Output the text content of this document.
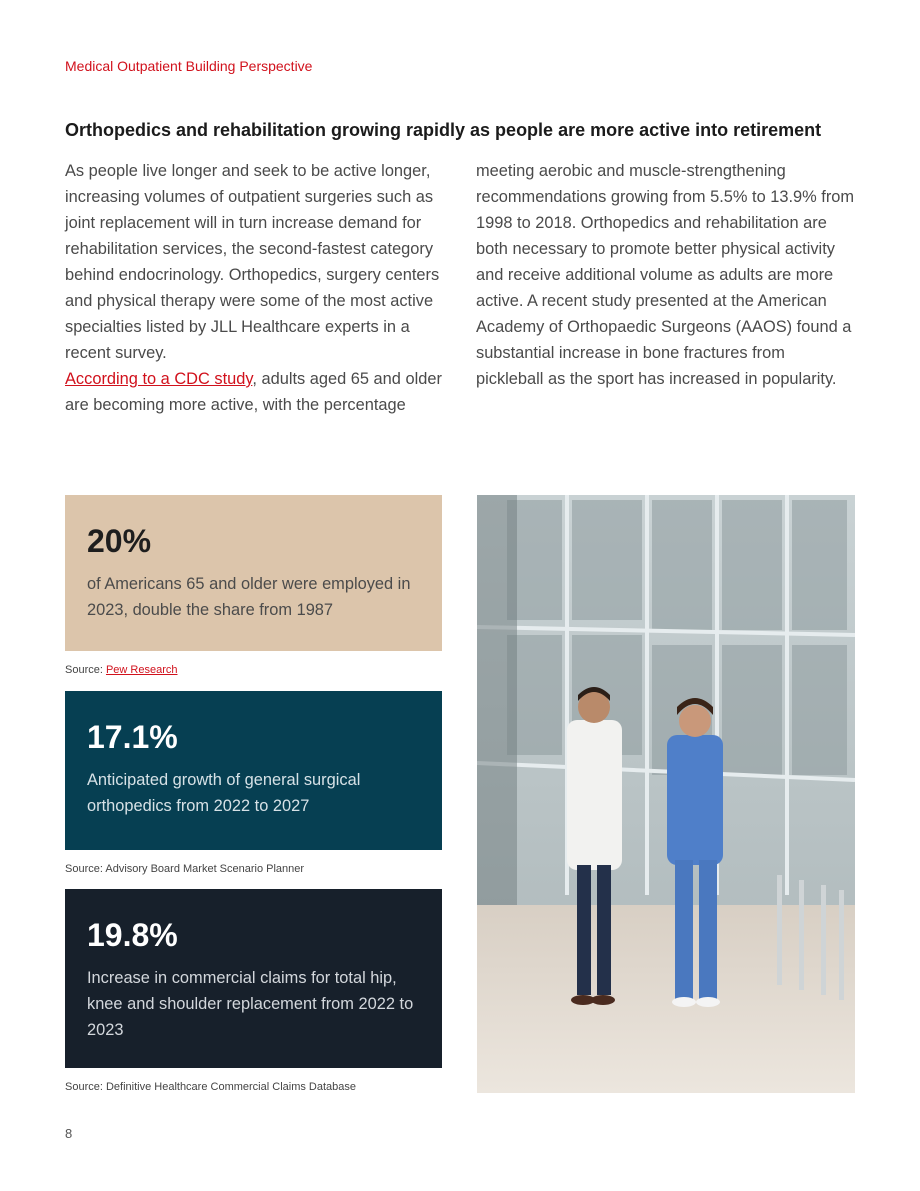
Medical Outpatient Building Perspective
Orthopedics and rehabilitation growing rapidly as people are more active into retirement

As people live longer and seek to be active longer, increasing volumes of outpatient surgeries such as joint replacement will in turn increase demand for rehabilitation services, the second-fastest category behind endocrinology. Orthopedics, surgery centers and physical therapy were some of the most active specialties listed by JLL Healthcare experts in a recent survey.

According to a CDC study, adults aged 65 and older are becoming more active, with the percentage

meeting aerobic and muscle-strengthening recommendations growing from 5.5% to 13.9% from 1998 to 2018. Orthopedics and rehabilitation are both necessary to promote better physical activity and receive additional volume as adults are more active. A recent study presented at the American Academy of Orthopaedic Surgeons (AAOS) found a substantial increase in bone fractures from pickleball as the sport has increased in popularity.

20%
of Americans 65 and older were employed in 2023, double the share from 1987
Source: Pew Research
17.1%
Anticipated growth of general surgical orthopedics from 2022 to 2027
Source: Advisory Board Market Scenario Planner
19.8%
Increase in commercial claims for total hip, knee and shoulder replacement from 2022 to 2023
Source: Definitive Healthcare Commercial Claims Database
8
